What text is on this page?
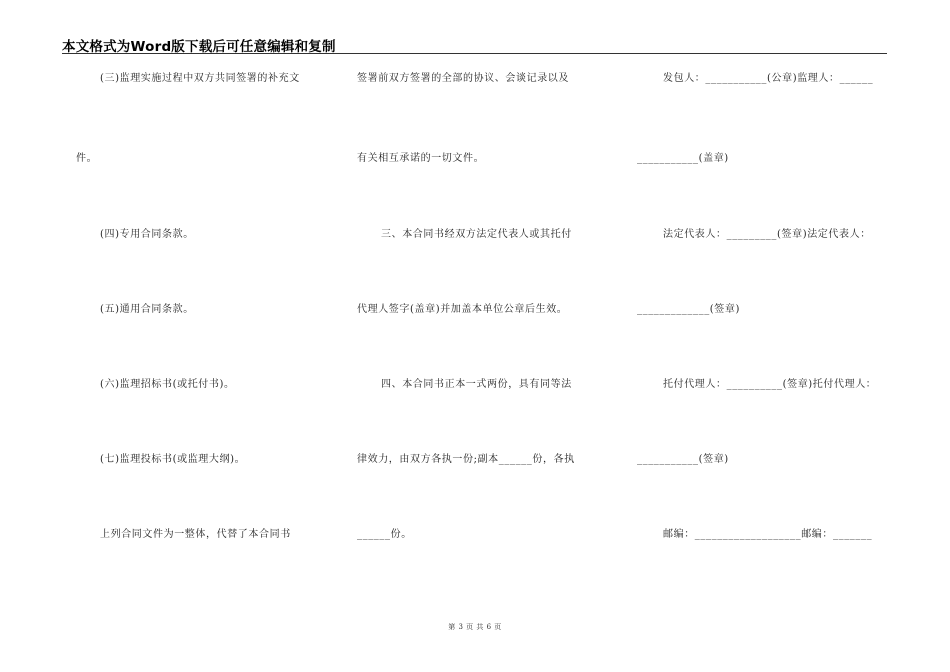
本文格式为Word版下载后可任意编辑和复制
(三)监理实施过程中双方共同签署的补充文
件。
(四)专用合同条款。
(五)通用合同条款。
(六)监理招标书(或托付书)。
(七)监理投标书(或监理大纲)。
上列合同文件为一整体，代替了本合同书
签署前双方签署的全部的协议、会谈记录以及
有关相互承诺的一切文件。
三、本合同书经双方法定代表人或其托付
代理人签字(盖章)并加盖本单位公章后生效。
四、本合同书正本一式两份，具有同等法
律效力，由双方各执一份;副本______份，各执
______份。
发包人：___________(公章)监理人：______
___________(盖章)
法定代表人：_________(签章)法定代表人：
_____________(签章)
托付代理人：__________(签章)托付代理人：
___________(签章)
邮编：___________________邮编：_______
第 3 页 共 6 页
